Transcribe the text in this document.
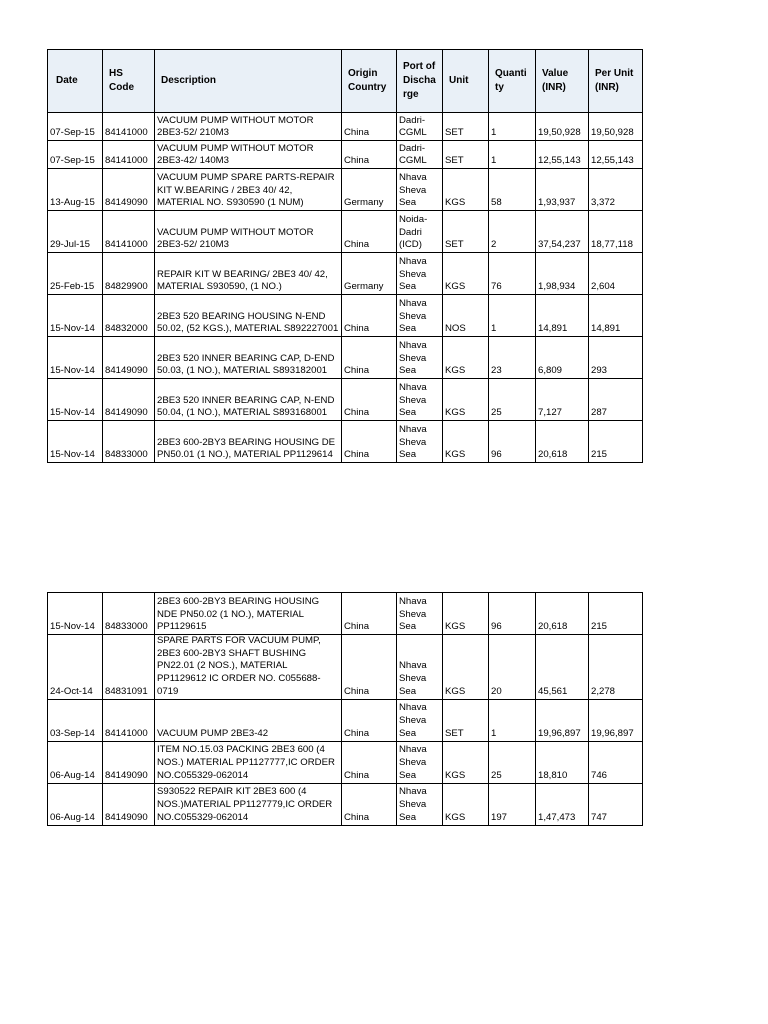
Date	HS Code	Description	Origin Country	Port of Discha rge	Unit	Quanti ty	Value (INR)	Per Unit (INR)
07-Sep-15	84141000	VACUUM PUMP WITHOUT MOTOR 2BE3-52/ 210M3	China	Dadri-CGML	SET	1	19,50,928	19,50,928
07-Sep-15	84141000	VACUUM PUMP WITHOUT MOTOR 2BE3-42/ 140M3	China	Dadri-CGML	SET	1	12,55,143	12,55,143
13-Aug-15	84149090	VACUUM PUMP SPARE PARTS-REPAIR KIT W.BEARING / 2BE3 40/ 42, MATERIAL NO. S930590 (1 NUM)	Germany	Nhava Sheva Sea	KGS	58	1,93,937	3,372
29-Jul-15	84141000	VACUUM PUMP WITHOUT MOTOR 2BE3-52/ 210M3	China	Noida-Dadri (ICD)	SET	2	37,54,237	18,77,118
25-Feb-15	84829900	REPAIR KIT W BEARING/ 2BE3 40/ 42, MATERIAL S930590, (1 NO.)	Germany	Nhava Sheva Sea	KGS	76	1,98,934	2,604
15-Nov-14	84832000	2BE3 520 BEARING HOUSING N-END 50.02, (52 KGS.), MATERIAL S892227001	China	Nhava Sheva Sea	NOS	1	14,891	14,891
15-Nov-14	84149090	2BE3 520 INNER BEARING CAP, D-END 50.03, (1 NO.), MATERIAL S893182001	China	Nhava Sheva Sea	KGS	23	6,809	293
15-Nov-14	84149090	2BE3 520 INNER BEARING CAP, N-END 50.04, (1 NO.), MATERIAL S893168001	China	Nhava Sheva Sea	KGS	25	7,127	287
15-Nov-14	84833000	2BE3 600-2BY3 BEARING HOUSING DE PN50.01 (1 NO.), MATERIAL PP1129614	China	Nhava Sheva Sea	KGS	96	20,618	215
15-Nov-14	84833000	2BE3 600-2BY3 BEARING HOUSING NDE PN50.02 (1 NO.), MATERIAL PP1129615	China	Nhava Sheva Sea	KGS	96	20,618	215
24-Oct-14	84831091	SPARE PARTS FOR VACUUM PUMP, 2BE3 600-2BY3 SHAFT BUSHING PN22.01 (2 NOS.), MATERIAL PP1129612 IC ORDER NO. C055688-0719	China	Nhava Sheva Sea	KGS	20	45,561	2,278
03-Sep-14	84141000	VACUUM PUMP 2BE3-42	China	Nhava Sheva Sea	SET	1	19,96,897	19,96,897
06-Aug-14	84149090	ITEM NO.15.03 PACKING 2BE3 600 (4 NOS.) MATERIAL PP1127777,IC ORDER NO.C055329-062014	China	Nhava Sheva Sea	KGS	25	18,810	746
06-Aug-14	84149090	S930522 REPAIR KIT 2BE3 600 (4 NOS.)MATERIAL PP1127779,IC ORDER NO.C055329-062014	China	Nhava Sheva Sea	KGS	197	1,47,473	747
